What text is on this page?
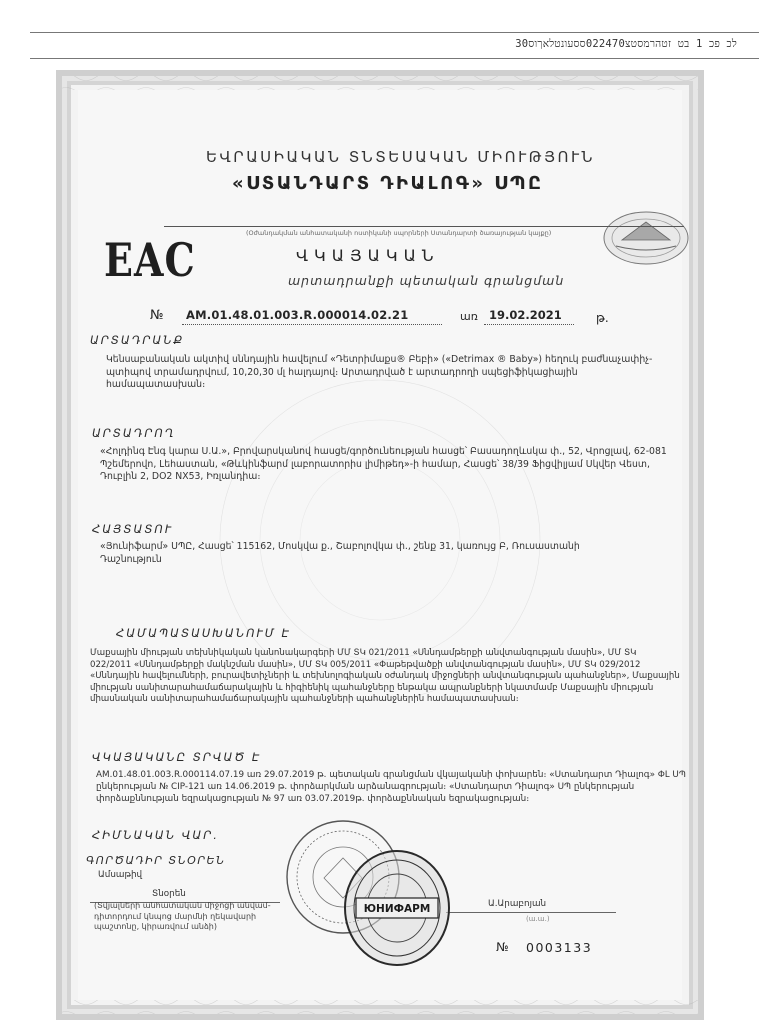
30לכ פכ 1 בט זטהרמסטצ022470ססעונטלאךוס
ԵՎՐԱՍԻԱԿԱՆ ՏՆՏԵՍԱԿԱՆ ՄԻՈՒԹՅՈՒՆ
«ՍՏԱՆԴԱՐՏ ԴԻԱԼՈԳ» ՍՊԸ
(Օժանդակման անհատականի ոստիկանի սպորների Ստանդարտի ծառայության կայքը)
EAC	ՎԿԱՅԱԿԱՆ
արտադրանքի պետական գրանցման
№ AM.01.48.01.003.R.000014.02.21	առ 19.02.2021	թ.
ԱՐՏԱԴՐԱՆՔ
Կենսաբանական ակտիվ սննդային հավելում «Դետրիմաքս® Բեբի» («Detrimax ® Baby») հեղուկ բաժնաչափիչ-պտիպով տրամադրվում, 10,20,30 մլ հալդայով։ Արտադրված է արտադրողի սպեցիֆիկացիային համապատասխան։
ԱՐՏԱԴՐՈՂ
«Հոլդինգ Էնգ կարա Ս.Ա.», Բրովարսկանով հասցե/գործունեության հասցե՝ Բասադողևսկա փ., 52, Վրոցլավ, 62-081 Պշեմերովո, Լեհաստան, «Թևկինֆարմ լաբորատորիս լիմիթեդ»-ի համար, Հասցե՝ 38/39 Ֆիցվիլյամ Սկվեր Վեստ, Դուբլին 2, DO2 NX53, Իռլանդիա։
ՀԱՅՏԱՏՈՒ
«Յունիֆարմ» ՍՊԸ, Հասցե՝ 115162, Մոսկվա ք., Շաբոլովկա փ., շենք 31, կառույց Բ, Ռուսաստանի Դաշնություն
ՀԱՄԱՊԱՏԱՍԽԱՆՈՒՄ Է
Մաքսային միության տեխնիկական կանոնակարգերի ՄՄ ՏԿ 021/2011 «Սննդամթերքի անվտանգության մասին», ՄՄ ՏԿ 022/2011 «Սննդամթերքի մակնշման մասին», ՄՄ ՏԿ 005/2011 «Փաթեթվածքի անվտանգության մասին», ՄՄ ՏԿ 029/2012 «Սննդային հավելումների, բուրավետիչների և տեխնոլոգիական օժանդակ միջոցների անվտանգության պահանջներ», Մաքսային միության սանիտարահամաճարակային և հիգիենիկ պահանջները ենթակա ապրանքների նկատմամբ Մաքսային միության միասնական սանիտարահամաճարակային պահանջների պահանջներին համապատասխան։
ՎԿԱՅԱԿԱՆԸ ՏՐՎԱԾ Է
AM.01.48.01.003.R.000114.07.19 առ 29.07.2019 թ. պետական գրանցման վկայականի փոխարեն։ «Ստանդարտ Դիալոգ» ՓԼ ՍՊ ընկերության № CIP-121 առ 14.06.2019 թ. փորձարկման արձանագրության։ «Ստանդարտ Դիալոգ» ՍՊ ընկերության փորձաքննության եզրակացության № 97 առ 03.07.2019թ. փորձաքննական եզրակացության։
ՀԻՄՆԱԿԱՆ ՎԱՐ.
ԳՈՐԾԱԴԻՐ ՏՆՕՐԵՆ
Ամսաթիվ
Տնօրեն
Ա.Արաբոյան
(ա.ա.)
(Տվյալների անհատական միջոցի անվամ-դիտորդում կնպոց մարմնի ղեկավարի պաշտոնը, կիրառվում անձի)
№ 0003133
ЮНИФАРМ
